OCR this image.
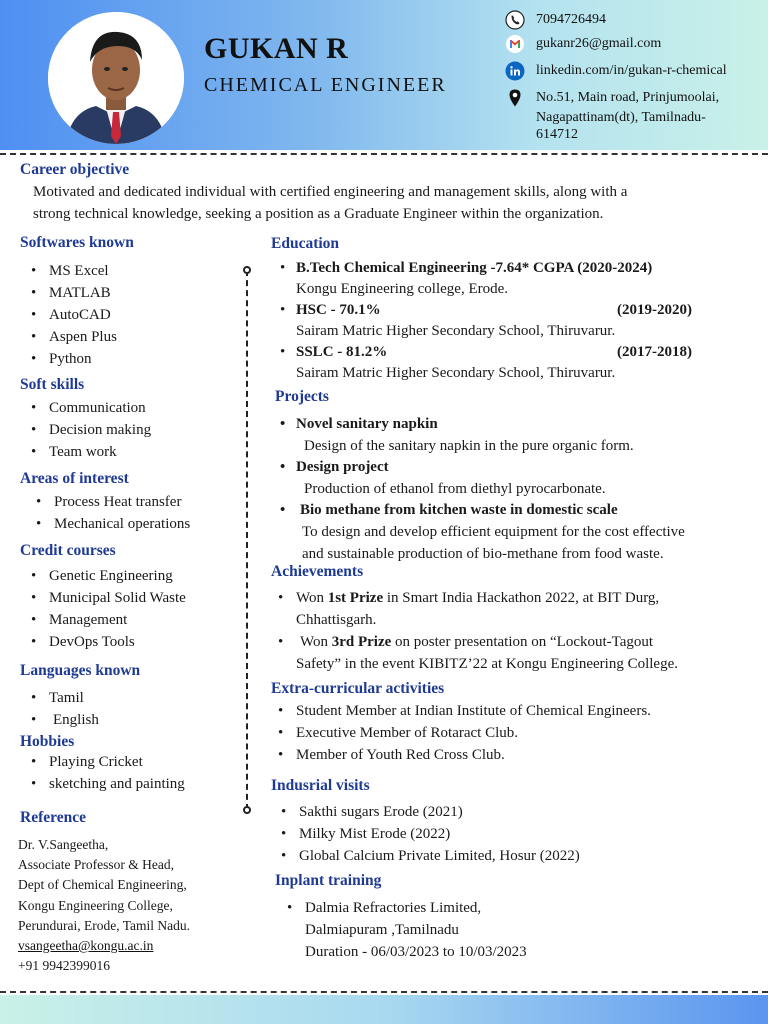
GUKAN R
CHEMICAL ENGINEER
7094726494
gukanr26@gmail.com
linkedin.com/in/gukan-r-chemical
No.51, Main road, Prinjumoolai,
Nagapattinam(dt), Tamilnadu-
614712
Career objective
Motivated and dedicated individual with certified engineering and management skills, along with a
strong technical knowledge, seeking a position as a Graduate Engineer within the organization.
Softwares known
• MS Excel
• MATLAB
• AutoCAD
• Aspen Plus
• Python
Soft skills
• Communication
• Decision making
• Team work
Areas of interest
• Process Heat transfer
• Mechanical operations
Credit courses
• Genetic Engineering
• Municipal Solid Waste
• Management
• DevOps Tools
Languages known
• Tamil
• English
Hobbies
• Playing Cricket
• sketching and painting
Reference
Dr. V.Sangeetha,
Associate Professor & Head,
Dept of Chemical Engineering,
Kongu Engineering College,
Perundurai, Erode, Tamil Nadu.
vsangeetha@kongu.ac.in
+91 9942399016
Education
• B.Tech Chemical Engineering -7.64* CGPA (2020-2024)
Kongu Engineering college, Erode.
• HSC - 70.1%	(2019-2020)
Sairam Matric Higher Secondary School, Thiruvarur.
• SSLC - 81.2%	(2017-2018)
Sairam Matric Higher Secondary School, Thiruvarur.
Projects
• Novel sanitary napkin
Design of the sanitary napkin in the pure organic form.
• Design project
Production of ethanol from diethyl pyrocarbonate.
• Bio methane from kitchen waste in domestic scale
To design and develop efficient equipment for the cost effective
and sustainable production of bio-methane from food waste.
Achievements
• Won 1st Prize in Smart India Hackathon 2022, at BIT Durg,
Chhattisgarh.
• Won 3rd Prize on poster presentation on “Lockout-Tagout
Safety” in the event KIBITZ’22 at Kongu Engineering College.
Extra-curricular activities
• Student Member at Indian Institute of Chemical Engineers.
• Executive Member of Rotaract Club.
• Member of Youth Red Cross Club.
Indusrial visits
• Sakthi sugars Erode (2021)
• Milky Mist Erode (2022)
• Global Calcium Private Limited, Hosur (2022)
Inplant training
• Dalmia Refractories Limited,
Dalmiapuram ,Tamilnadu
Duration - 06/03/2023 to 10/03/2023
